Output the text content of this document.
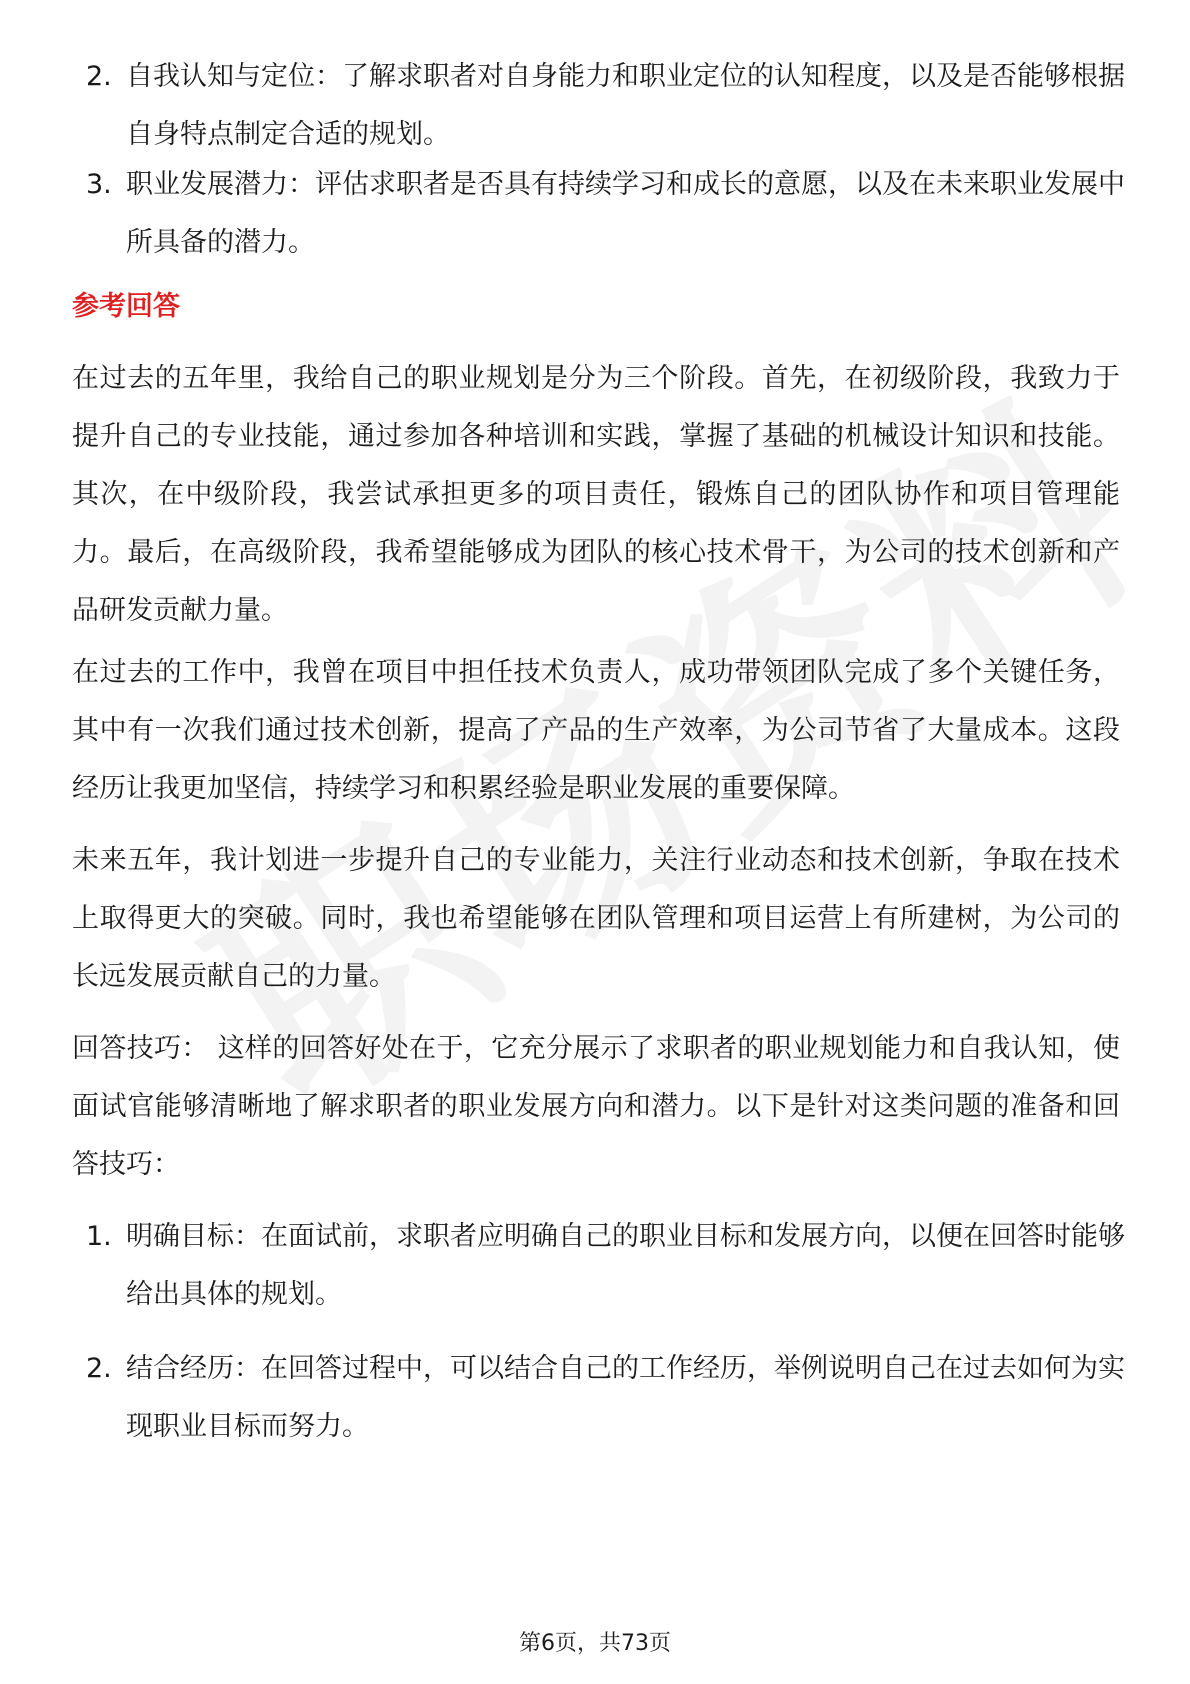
2. 自我认知与定位：了解求职者对自身能力和职业定位的认知程度，以及是否能够根据自身特点制定合适的规划。
3. 职业发展潜力：评估求职者是否具有持续学习和成长的意愿，以及在未来职业发展中所具备的潜力。
参考回答
在过去的五年里，我给自己的职业规划是分为三个阶段。首先，在初级阶段，我致力于提升自己的专业技能，通过参加各种培训和实践，掌握了基础的机械设计知识和技能。其次，在中级阶段，我尝试承担更多的项目责任，锻炼自己的团队协作和项目管理能力。最后，在高级阶段，我希望能够成为团队的核心技术骨干，为公司的技术创新和产品研发贡献力量。
在过去的工作中，我曾在项目中担任技术负责人，成功带领团队完成了多个关键任务，其中有一次我们通过技术创新，提高了产品的生产效率，为公司节省了大量成本。这段经历让我更加坚信，持续学习和积累经验是职业发展的重要保障。
未来五年，我计划进一步提升自己的专业能力，关注行业动态和技术创新，争取在技术上取得更大的突破。同时，我也希望能够在团队管理和项目运营上有所建树，为公司的长远发展贡献自己的力量。
回答技巧： 这样的回答好处在于，它充分展示了求职者的职业规划能力和自我认知，使面试官能够清晰地了解求职者的职业发展方向和潜力。以下是针对这类问题的准备和回答技巧：
1. 明确目标：在面试前，求职者应明确自己的职业目标和发展方向，以便在回答时能够给出具体的规划。
2. 结合经历：在回答过程中，可以结合自己的工作经历，举例说明自己在过去如何为实现职业目标而努力。
第6页，共73页
